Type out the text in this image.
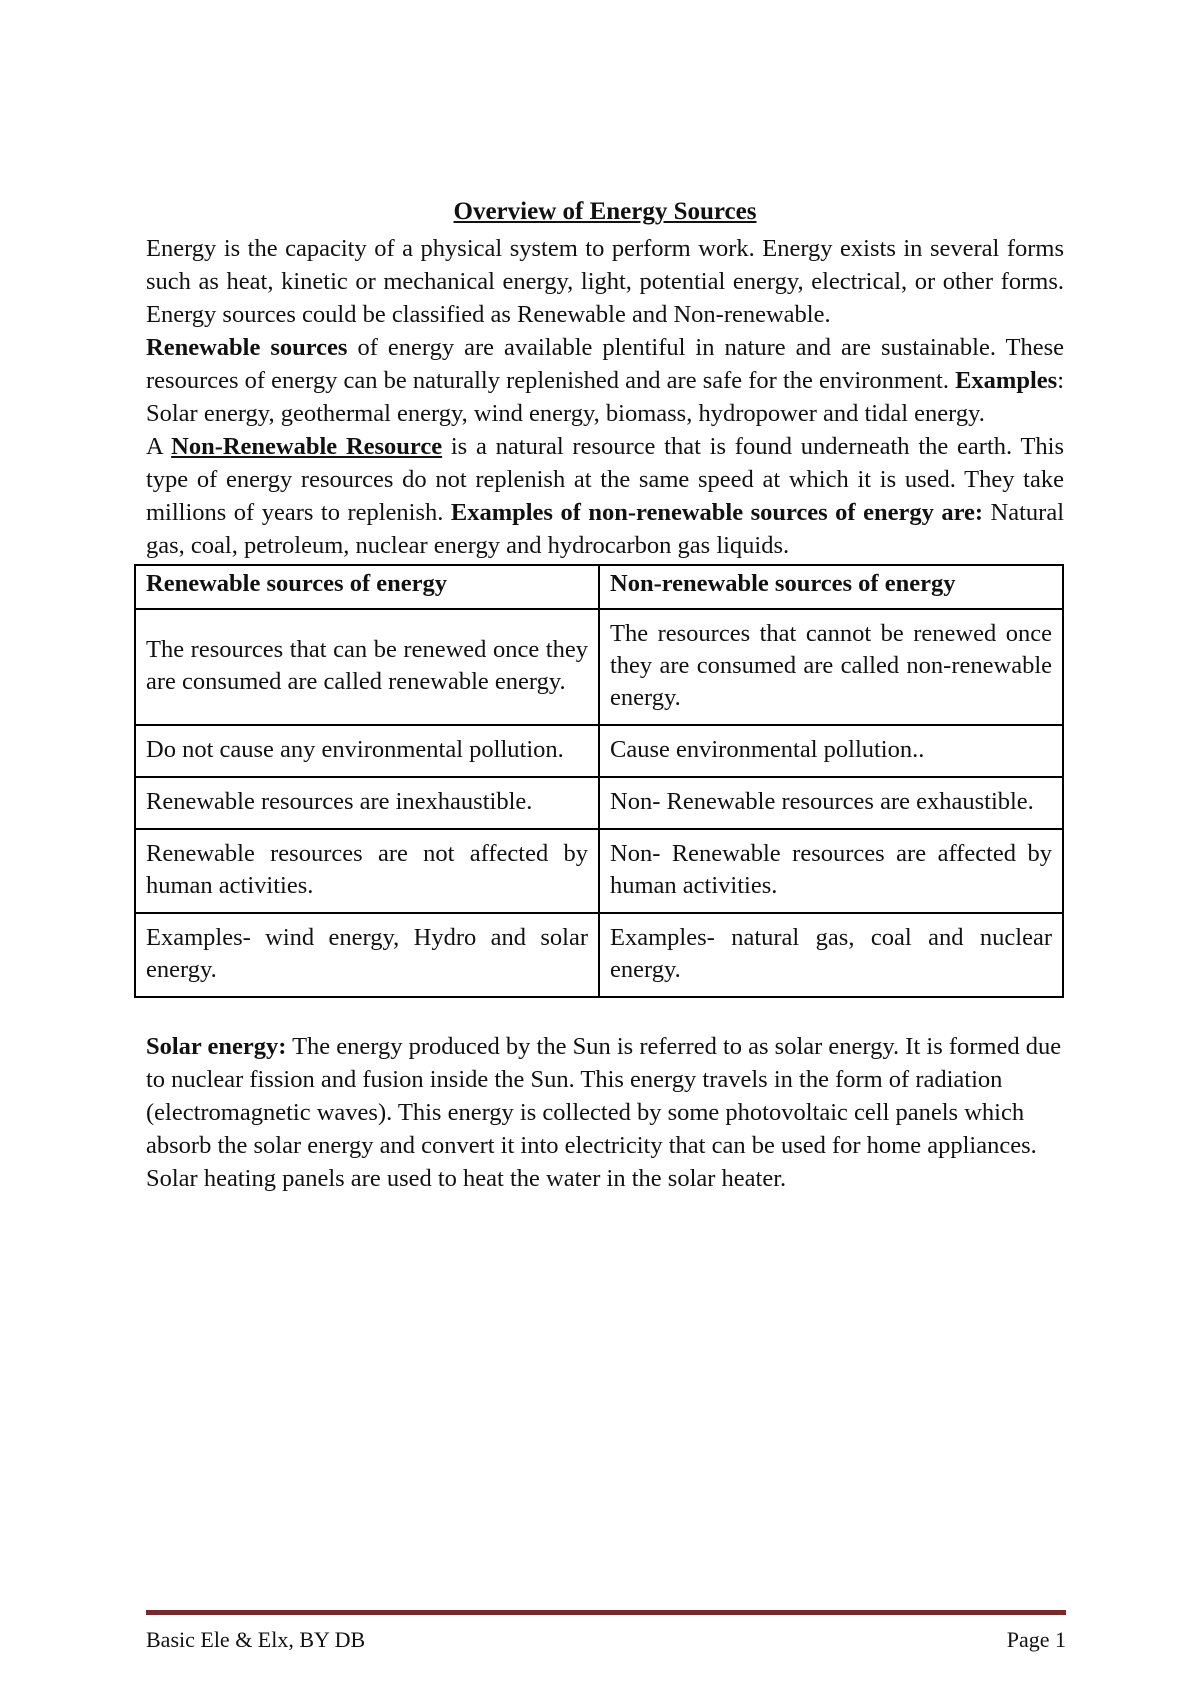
Overview of Energy Sources

Energy is the capacity of a physical system to perform work. Energy exists in several forms such as heat, kinetic or mechanical energy, light, potential energy, electrical, or other forms. Energy sources could be classified as Renewable and Non-renewable.

Renewable sources of energy are available plentiful in nature and are sustainable. These resources of energy can be naturally replenished and are safe for the environment. Examples: Solar energy, geothermal energy, wind energy, biomass, hydropower and tidal energy.

A Non-Renewable Resource is a natural resource that is found underneath the earth. This type of energy resources do not replenish at the same speed at which it is used. They take millions of years to replenish. Examples of non-renewable sources of energy are: Natural gas, coal, petroleum, nuclear energy and hydrocarbon gas liquids.

Renewable sources of energy	Non-renewable sources of energy
The resources that can be renewed once they are consumed are called renewable energy.	The resources that cannot be renewed once they are consumed are called non-renewable energy.
Do not cause any environmental pollution.	Cause environmental pollution..
Renewable resources are inexhaustible.	Non- Renewable resources are exhaustible.
Renewable resources are not affected by human activities.	Non- Renewable resources are affected by human activities.
Examples- wind energy, Hydro and solar energy.	Examples- natural gas, coal and nuclear energy.

Solar energy: The energy produced by the Sun is referred to as solar energy. It is formed due to nuclear fission and fusion inside the Sun. This energy travels in the form of radiation (electromagnetic waves). This energy is collected by some photovoltaic cell panels which absorb the solar energy and convert it into electricity that can be used for home appliances. Solar heating panels are used to heat the water in the solar heater.

Basic Ele & Elx, BY DB	Page 1
